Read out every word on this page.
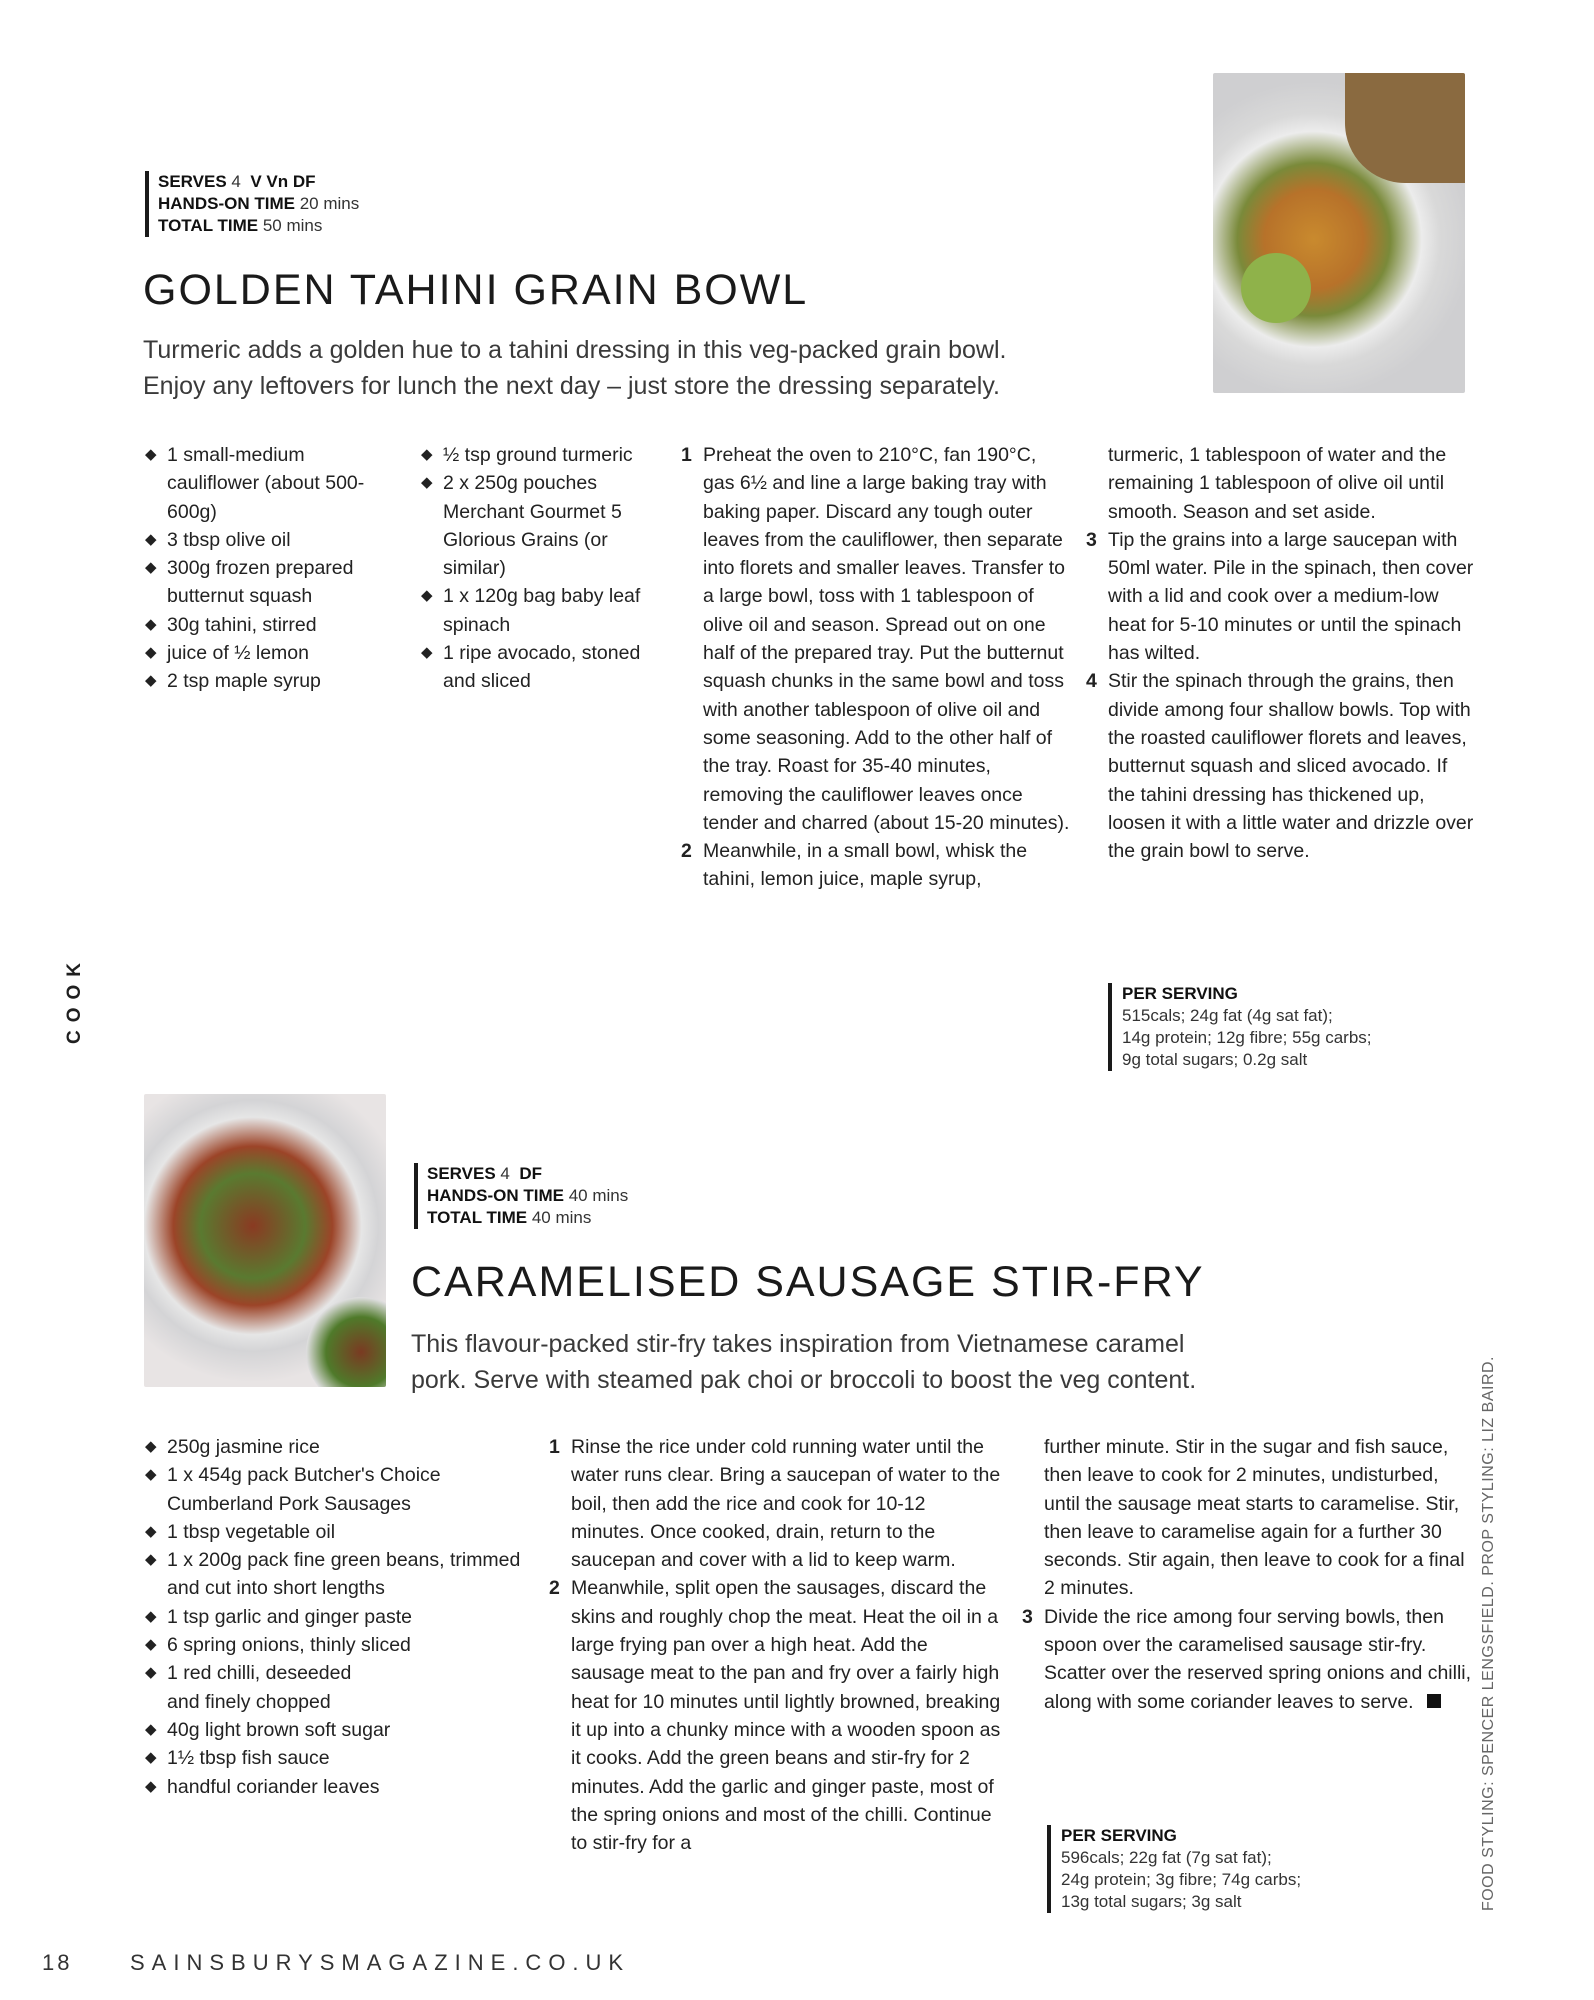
SERVES 4 V Vn DF
HANDS-ON TIME 20 mins
TOTAL TIME 50 mins
GOLDEN TAHINI GRAIN BOWL
Turmeric adds a golden hue to a tahini dressing in this veg-packed grain bowl.
Enjoy any leftovers for lunch the next day – just store the dressing separately.
◆ 1 small-medium cauliflower (about 500-600g)
◆ 3 tbsp olive oil
◆ 300g frozen prepared butternut squash
◆ 30g tahini, stirred
◆ juice of ½ lemon
◆ 2 tsp maple syrup
◆ ½ tsp ground turmeric
◆ 2 x 250g pouches Merchant Gourmet 5 Glorious Grains (or similar)
◆ 1 x 120g bag baby leaf spinach
◆ 1 ripe avocado, stoned and sliced
1 Preheat the oven to 210°C, fan 190°C, gas 6½ and line a large baking tray with baking paper. Discard any tough outer leaves from the cauliflower, then separate into florets and smaller leaves. Transfer to a large bowl, toss with 1 tablespoon of olive oil and season. Spread out on one half of the prepared tray. Put the butternut squash chunks in the same bowl and toss with another tablespoon of olive oil and some seasoning. Add to the other half of the tray. Roast for 35-40 minutes, removing the cauliflower leaves once tender and charred (about 15-20 minutes).
2 Meanwhile, in a small bowl, whisk the tahini, lemon juice, maple syrup,
turmeric, 1 tablespoon of water and the remaining 1 tablespoon of olive oil until smooth. Season and set aside.
3 Tip the grains into a large saucepan with 50ml water. Pile in the spinach, then cover with a lid and cook over a medium-low heat for 5-10 minutes or until the spinach has wilted.
4 Stir the spinach through the grains, then divide among four shallow bowls. Top with the roasted cauliflower florets and leaves, butternut squash and sliced avocado. If the tahini dressing has thickened up, loosen it with a little water and drizzle over the grain bowl to serve.
PER SERVING
515cals; 24g fat (4g sat fat);
14g protein; 12g fibre; 55g carbs;
9g total sugars; 0.2g salt
COOK
SERVES 4 DF
HANDS-ON TIME 40 mins
TOTAL TIME 40 mins
CARAMELISED SAUSAGE STIR-FRY
This flavour-packed stir-fry takes inspiration from Vietnamese caramel
pork. Serve with steamed pak choi or broccoli to boost the veg content.
◆ 250g jasmine rice
◆ 1 x 454g pack Butcher's Choice Cumberland Pork Sausages
◆ 1 tbsp vegetable oil
◆ 1 x 200g pack fine green beans, trimmed and cut into short lengths
◆ 1 tsp garlic and ginger paste
◆ 6 spring onions, thinly sliced
◆ 1 red chilli, deseeded and finely chopped
◆ 40g light brown soft sugar
◆ 1½ tbsp fish sauce
◆ handful coriander leaves
1 Rinse the rice under cold running water until the water runs clear. Bring a saucepan of water to the boil, then add the rice and cook for 10-12 minutes. Once cooked, drain, return to the saucepan and cover with a lid to keep warm.
2 Meanwhile, split open the sausages, discard the skins and roughly chop the meat. Heat the oil in a large frying pan over a high heat. Add the sausage meat to the pan and fry over a fairly high heat for 10 minutes until lightly browned, breaking it up into a chunky mince with a wooden spoon as it cooks. Add the green beans and stir-fry for 2 minutes. Add the garlic and ginger paste, most of the spring onions and most of the chilli. Continue to stir-fry for a
further minute. Stir in the sugar and fish sauce, then leave to cook for 2 minutes, undisturbed, until the sausage meat starts to caramelise. Stir, then leave to caramelise again for a further 30 seconds. Stir again, then leave to cook for a final 2 minutes.
3 Divide the rice among four serving bowls, then spoon over the caramelised sausage stir-fry. Scatter over the reserved spring onions and chilli, along with some coriander leaves to serve.
PER SERVING
596cals; 22g fat (7g sat fat);
24g protein; 3g fibre; 74g carbs;
13g total sugars; 3g salt	FOOD STYLING: SPENCER LENGSFIELD. PROP STYLING: LIZ BAIRD.
18	SAINSBURYSMAGAZINE.CO.UK
